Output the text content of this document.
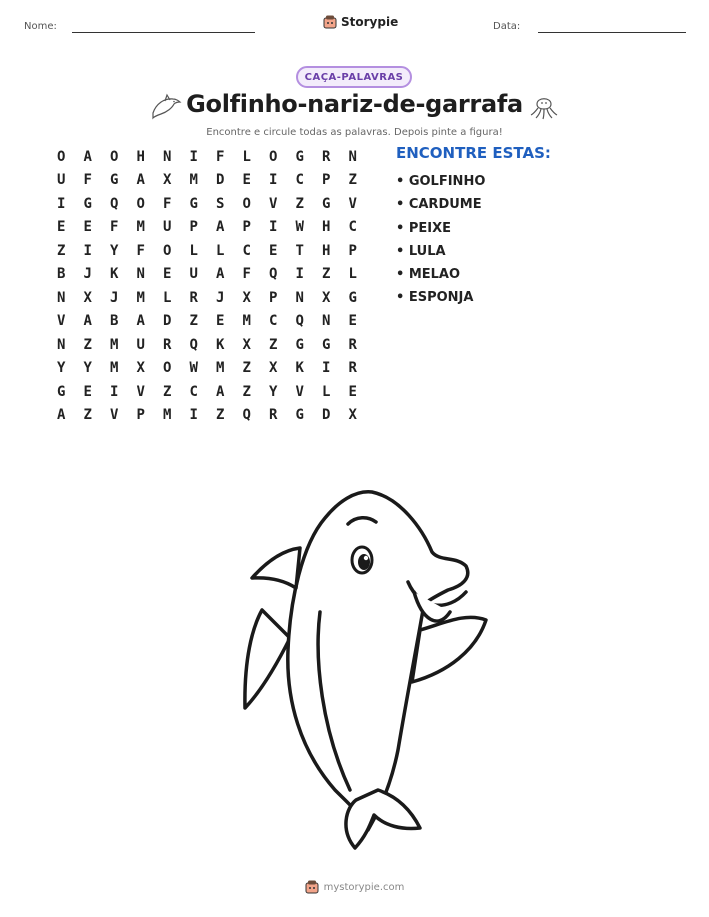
Nome:	Storypie	Data:
CAÇA-PALAVRAS
Golfinho-nariz-de-garrafa
Encontre e circule todas as palavras. Depois pinte a figura!
O	A	O	H	N	I	F	L	O	G	R	N
U	F	G	A	X	M	D	E	I	C	P	Z
I	G	Q	O	F	G	S	O	V	Z	G	V
E	E	F	M	U	P	A	P	I	W	H	C
Z	I	Y	F	O	L	L	C	E	T	H	P
B	J	K	N	E	U	A	F	Q	I	Z	L
N	X	J	M	L	R	J	X	P	N	X	G
V	A	B	A	D	Z	E	M	C	Q	N	E
N	Z	M	U	R	Q	K	X	Z	G	G	R
Y	Y	M	X	O	W	M	Z	X	K	I	R
G	E	I	V	Z	C	A	Z	Y	V	L	E
A	Z	V	P	M	I	Z	Q	R	G	D	X
ENCONTRE ESTAS:
• GOLFINHO
• CARDUME
• PEIXE
• LULA
• MELAO
• ESPONJA
mystorypie.com
